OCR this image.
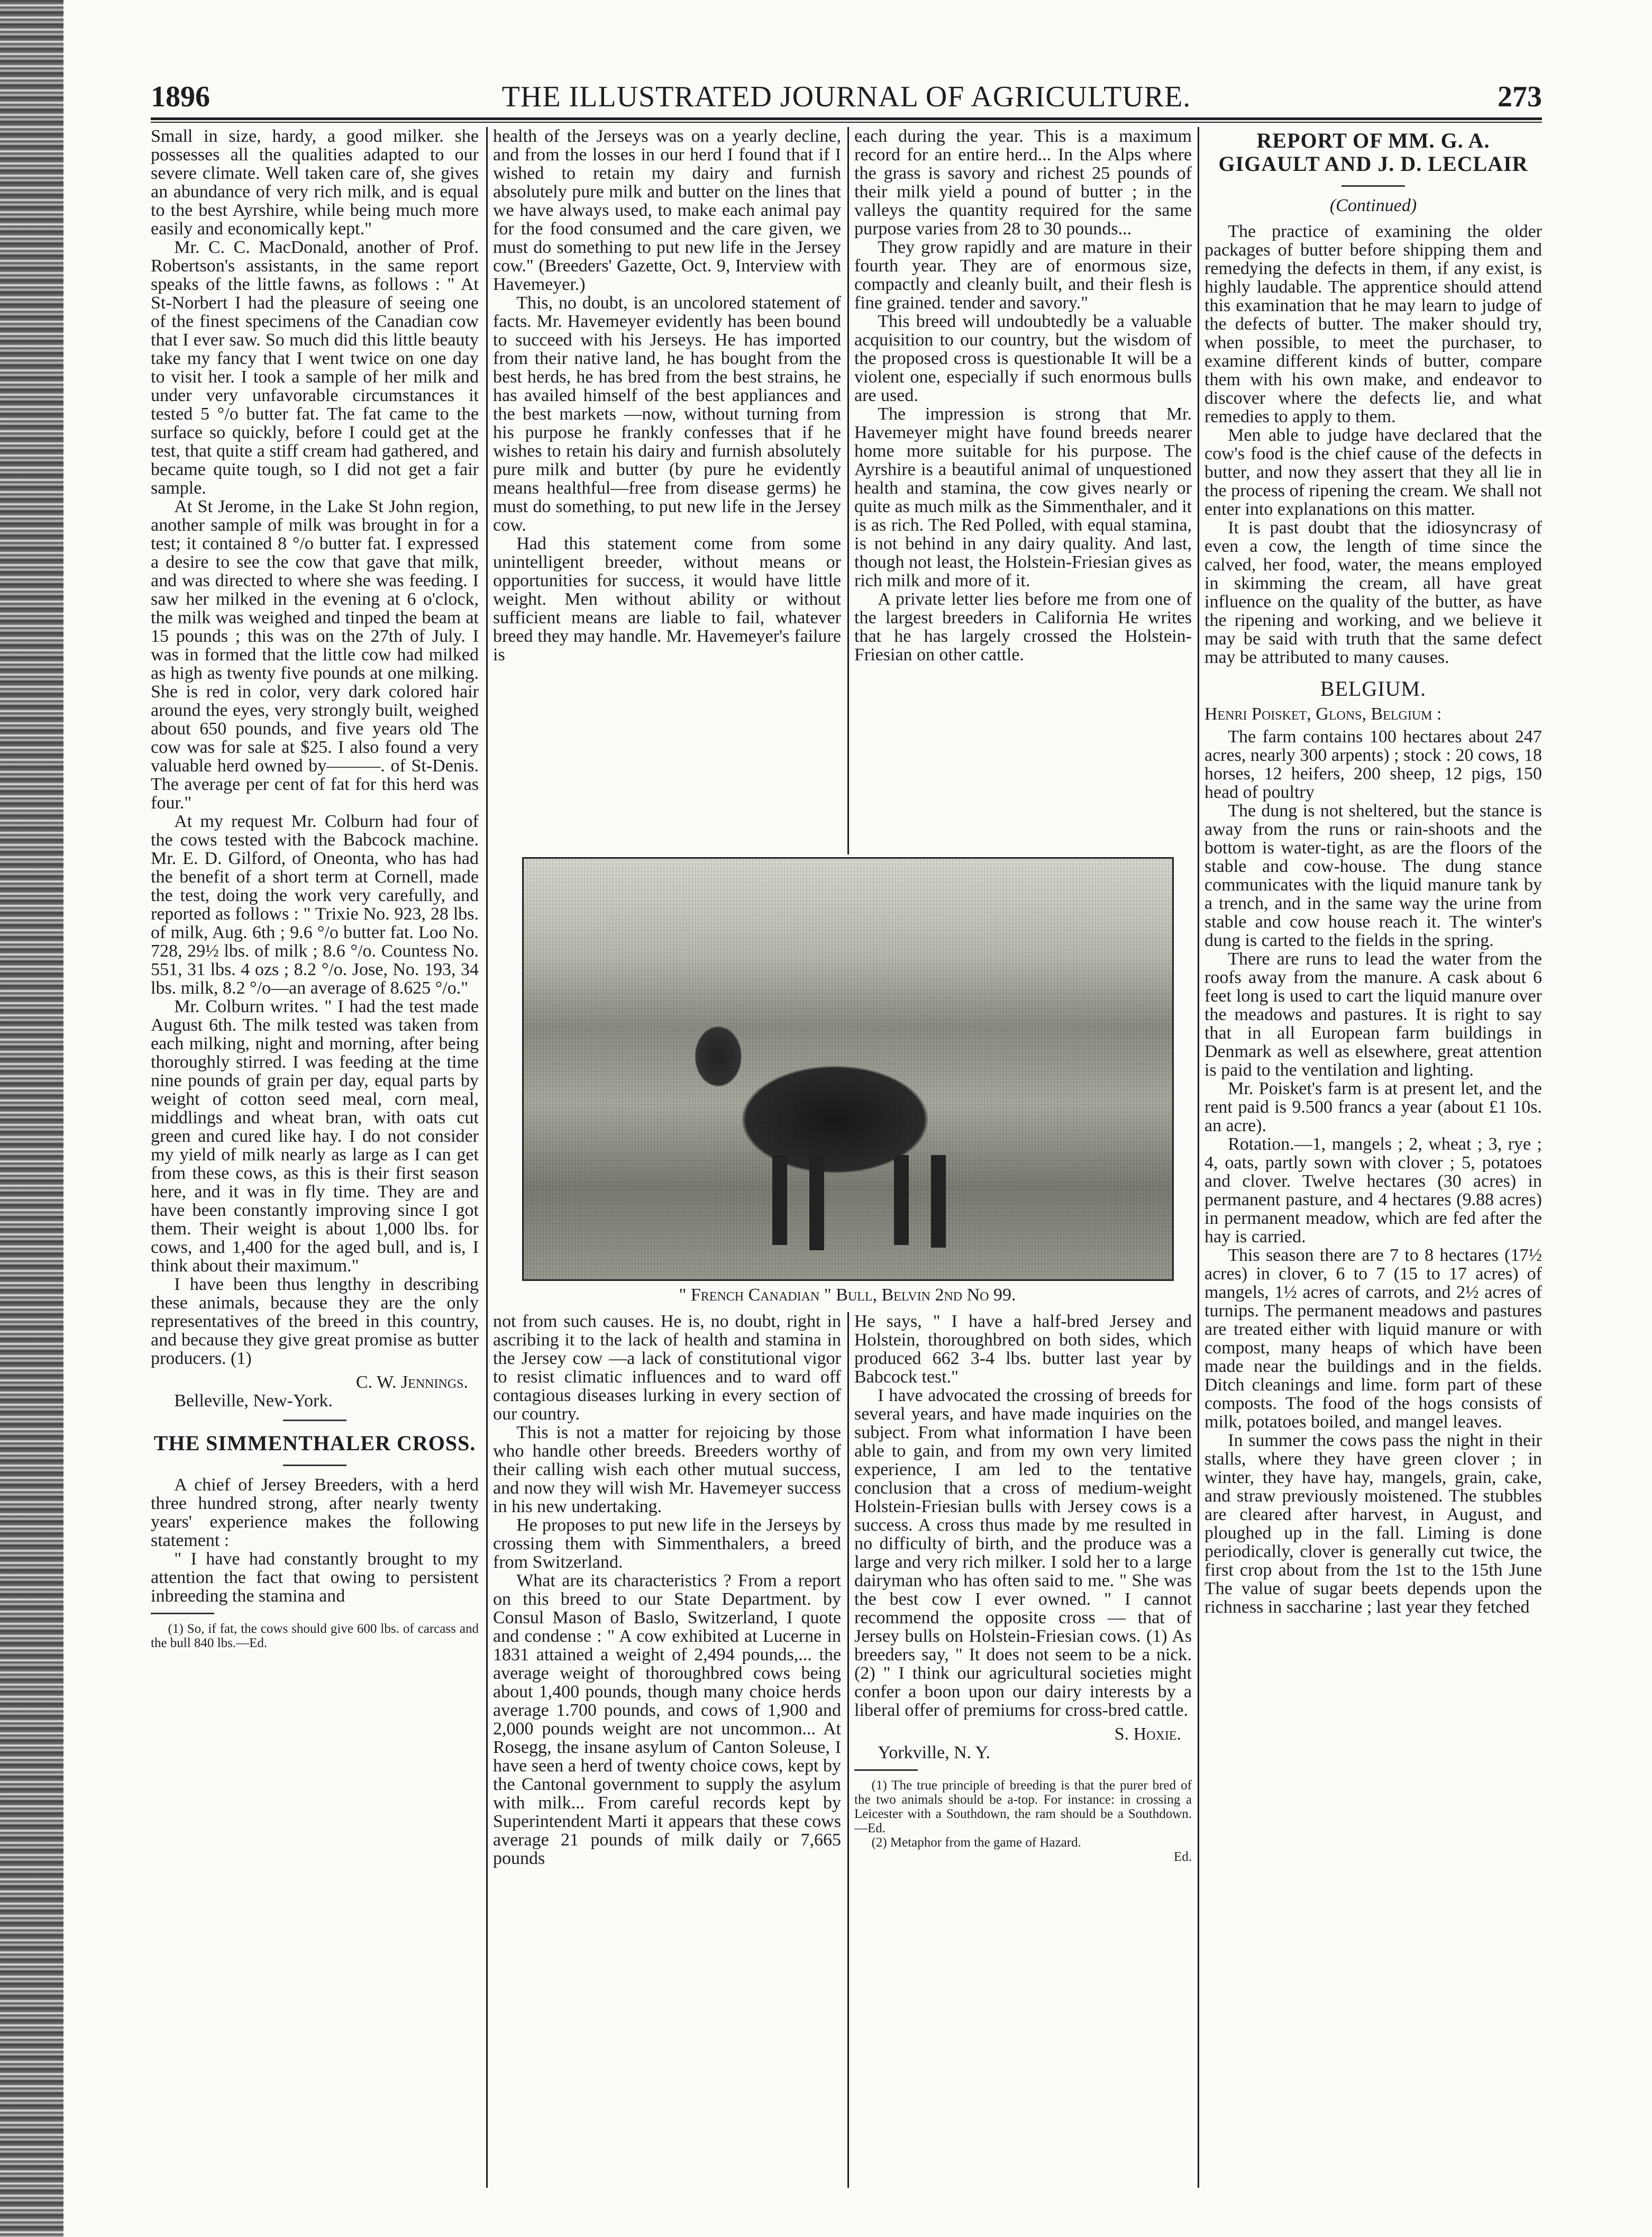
THE ILLUSTRATED JOURNAL OF AGRICULTURE.
1896	273

Small in size, hardy, a good milker. she possesses all the qualities adapted to our severe climate. Well taken care of, she gives an abundance of very rich milk, and is equal to the best Ayrshire, while being much more easily and economically kept."

Mr. C. C. MacDonald, another of Prof. Robertson's assistants, in the same report speaks of the little fawns, as follows : " At St-Norbert I had the pleasure of seeing one of the finest specimens of the Canadian cow that I ever saw. So much did this little beauty take my fancy that I went twice on one day to visit her. I took a sample of her milk and under very unfavorable circumstances it tested 5 °/o butter fat. The fat came to the surface so quickly, before I could get at the test, that quite a stiff cream had gathered, and became quite tough, so I did not get a fair sample.

At St Jerome, in the Lake St John region, another sample of milk was brought in for a test; it contained 8 °/o butter fat. I expressed a desire to see the cow that gave that milk, and was directed to where she was feeding. I saw her milked in the evening at 6 o'clock, the milk was weighed and tinped the beam at 15 pounds ; this was on the 27th of July. I was in formed that the little cow had milked as high as twenty five pounds at one milking. She is red in color, very dark colored hair around the eyes, very strongly built, weighed about 650 pounds, and five years old The cow was for sale at $25. I also found a very valuable herd owned by———. of St-Denis. The average per cent of fat for this herd was four."

At my request Mr. Colburn had four of the cows tested with the Babcock machine. Mr. E. D. Gilford, of Oneonta, who has had the benefit of a short term at Cornell, made the test, doing the work very carefully, and reported as follows : " Trixie No. 923, 28 lbs. of milk, Aug. 6th ; 9.6 °/o butter fat. Loo No. 728, 29½ lbs. of milk ; 8.6 °/o. Countess No. 551, 31 lbs. 4 ozs ; 8.2 °/o. Jose, No. 193, 34 lbs. milk, 8.2 °/o—an average of 8.625 °/o."

Mr. Colburn writes. " I had the test made August 6th. The milk tested was taken from each milking, night and morning, after being thoroughly stirred. I was feeding at the time nine pounds of grain per day, equal parts by weight of cotton seed meal, corn meal, middlings and wheat bran, with oats cut green and cured like hay. I do not consider my yield of milk nearly as large as I can get from these cows, as this is their first season here, and it was in fly time. They are and have been constantly improving since I got them. Their weight is about 1,000 lbs. for cows, and 1,400 for the aged bull, and is, I think about their maximum."

I have been thus lengthy in describing these animals, because they are the only representatives of the breed in this country, and because they give great promise as butter producers. (1)

C. W. Jennings.

Belleville, New-York.

THE SIMMENTHALER CROSS.

A chief of Jersey Breeders, with a herd three hundred strong, after nearly twenty years' experience makes the following statement :

" I have had constantly brought to my attention the fact that owing to persistent inbreeding the stamina and

(1) So, if fat, the cows should give 600 lbs. of carcass and the bull 840 lbs.—Ed.

health of the Jerseys was on a yearly decline, and from the losses in our herd I found that if I wished to retain my dairy and furnish absolutely pure milk and butter on the lines that we have always used, to make each animal pay for the food consumed and the care given, we must do something to put new life in the Jersey cow." (Breeders' Gazette, Oct. 9, Interview with Havemeyer.)

This, no doubt, is an uncolored statement of facts. Mr. Havemeyer evidently has been bound to succeed with his Jerseys. He has imported from their native land, he has bought from the best herds, he has bred from the best strains, he has availed himself of the best appliances and the best markets —now, without turning from his purpose he frankly confesses that if he wishes to retain his dairy and furnish absolutely pure milk and butter (by pure he evidently means healthful—free from disease germs) he must do something, to put new life in the Jersey cow.

Had this statement come from some unintelligent breeder, without means or opportunities for success, it would have little weight. Men without ability or without sufficient means are liable to fail, whatever breed they may handle. Mr. Havemeyer's failure is

each during the year. This is a maximum record for an entire herd... In the Alps where the grass is savory and richest 25 pounds of their milk yield a pound of butter ; in the valleys the quantity required for the same purpose varies from 28 to 30 pounds...

They grow rapidly and are mature in their fourth year. They are of enormous size, compactly and cleanly built, and their flesh is fine grained. tender and savory."

This breed will undoubtedly be a valuable acquisition to our country, but the wisdom of the proposed cross is questionable It will be a violent one, especially if such enormous bulls are used.

The impression is strong that Mr. Havemeyer might have found breeds nearer home more suitable for his purpose. The Ayrshire is a beautiful animal of unquestioned health and stamina, the cow gives nearly or quite as much milk as the Simmenthaler, and it is as rich. The Red Polled, with equal stamina, is not behind in any dairy quality. And last, though not least, the Holstein-Friesian gives as rich milk and more of it.

A private letter lies before me from one of the largest breeders in California He writes that he has largely crossed the Holstein-Friesian on other cattle.

" French Canadian " Bull, Belvin 2nd No 99.

not from such causes. He is, no doubt, right in ascribing it to the lack of health and stamina in the Jersey cow —a lack of constitutional vigor to resist climatic influences and to ward off contagious diseases lurking in every section of our country.

This is not a matter for rejoicing by those who handle other breeds. Breeders worthy of their calling wish each other mutual success, and now they will wish Mr. Havemeyer success in his new undertaking.

He proposes to put new life in the Jerseys by crossing them with Simmenthalers, a breed from Switzerland.

What are its characteristics ? From a report on this breed to our State Department. by Consul Mason of Baslo, Switzerland, I quote and condense : " A cow exhibited at Lucerne in 1831 attained a weight of 2,494 pounds,... the average weight of thoroughbred cows being about 1,400 pounds, though many choice herds average 1.700 pounds, and cows of 1,900 and 2,000 pounds weight are not uncommon... At Rosegg, the insane asylum of Canton Soleuse, I have seen a herd of twenty choice cows, kept by the Cantonal government to supply the asylum with milk... From careful records kept by Superintendent Marti it appears that these cows average 21 pounds of milk daily or 7,665 pounds

He says, " I have a half-bred Jersey and Holstein, thoroughbred on both sides, which produced 662 3-4 lbs. butter last year by Babcock test."

I have advocated the crossing of breeds for several years, and have made inquiries on the subject. From what information I have been able to gain, and from my own very limited experience, I am led to the tentative conclusion that a cross of medium-weight Holstein-Friesian bulls with Jersey cows is a success. A cross thus made by me resulted in no difficulty of birth, and the produce was a large and very rich milker. I sold her to a large dairyman who has often said to me. " She was the best cow I ever owned. " I cannot recommend the opposite cross — that of Jersey bulls on Holstein-Friesian cows. (1) As breeders say, " It does not seem to be a nick. (2) " I think our agricultural societies might confer a boon upon our dairy interests by a liberal offer of premiums for cross-bred cattle.

S. Hoxie.

Yorkville, N. Y.

(1) The true principle of breeding is that the purer bred of the two animals should be a-top. For instance: in crossing a Leicester with a Southdown, the ram should be a Southdown.—Ed.

(2) Metaphor from the game of Hazard.

Ed.

REPORT OF MM. G. A. GIGAULT AND J. D. LECLAIR
(Continued)

The practice of examining the older packages of butter before shipping them and remedying the defects in them, if any exist, is highly laudable. The apprentice should attend this examination that he may learn to judge of the defects of butter. The maker should try, when possible, to meet the purchaser, to examine different kinds of butter, compare them with his own make, and endeavor to discover where the defects lie, and what remedies to apply to them.

Men able to judge have declared that the cow's food is the chief cause of the defects in butter, and now they assert that they all lie in the process of ripening the cream. We shall not enter into explanations on this matter.

It is past doubt that the idiosyncrasy of even a cow, the length of time since the calved, her food, water, the means employed in skimming the cream, all have great influence on the quality of the butter, as have the ripening and working, and we believe it may be said with truth that the same defect may be attributed to many causes.

BELGIUM.

Henri Poisket, Glons, Belgium :

The farm contains 100 hectares about 247 acres, nearly 300 arpents) ; stock : 20 cows, 18 horses, 12 heifers, 200 sheep, 12 pigs, 150 head of poultry

The dung is not sheltered, but the stance is away from the runs or rain-shoots and the bottom is water-tight, as are the floors of the stable and cow-house. The dung stance communicates with the liquid manure tank by a trench, and in the same way the urine from stable and cow house reach it. The winter's dung is carted to the fields in the spring.

There are runs to lead the water from the roofs away from the manure. A cask about 6 feet long is used to cart the liquid manure over the meadows and pastures. It is right to say that in all European farm buildings in Denmark as well as elsewhere, great attention is paid to the ventilation and lighting.

Mr. Poisket's farm is at present let, and the rent paid is 9.500 francs a year (about £1 10s. an acre).

Rotation.—1, mangels ; 2, wheat ; 3, rye ; 4, oats, partly sown with clover ; 5, potatoes and clover. Twelve hectares (30 acres) in permanent pasture, and 4 hectares (9.88 acres) in permanent meadow, which are fed after the hay is carried.

This season there are 7 to 8 hectares (17½ acres) in clover, 6 to 7 (15 to 17 acres) of mangels, 1½ acres of carrots, and 2½ acres of turnips. The permanent meadows and pastures are treated either with liquid manure or with compost, many heaps of which have been made near the buildings and in the fields. Ditch cleanings and lime. form part of these composts. The food of the hogs consists of milk, potatoes boiled, and mangel leaves.

In summer the cows pass the night in their stalls, where they have green clover ; in winter, they have hay, mangels, grain, cake, and straw previously moistened. The stubbles are cleared after harvest, in August, and ploughed up in the fall. Liming is done periodically, clover is generally cut twice, the first crop about from the 1st to the 15th June The value of sugar beets depends upon the richness in saccharine ; last year they fetched
